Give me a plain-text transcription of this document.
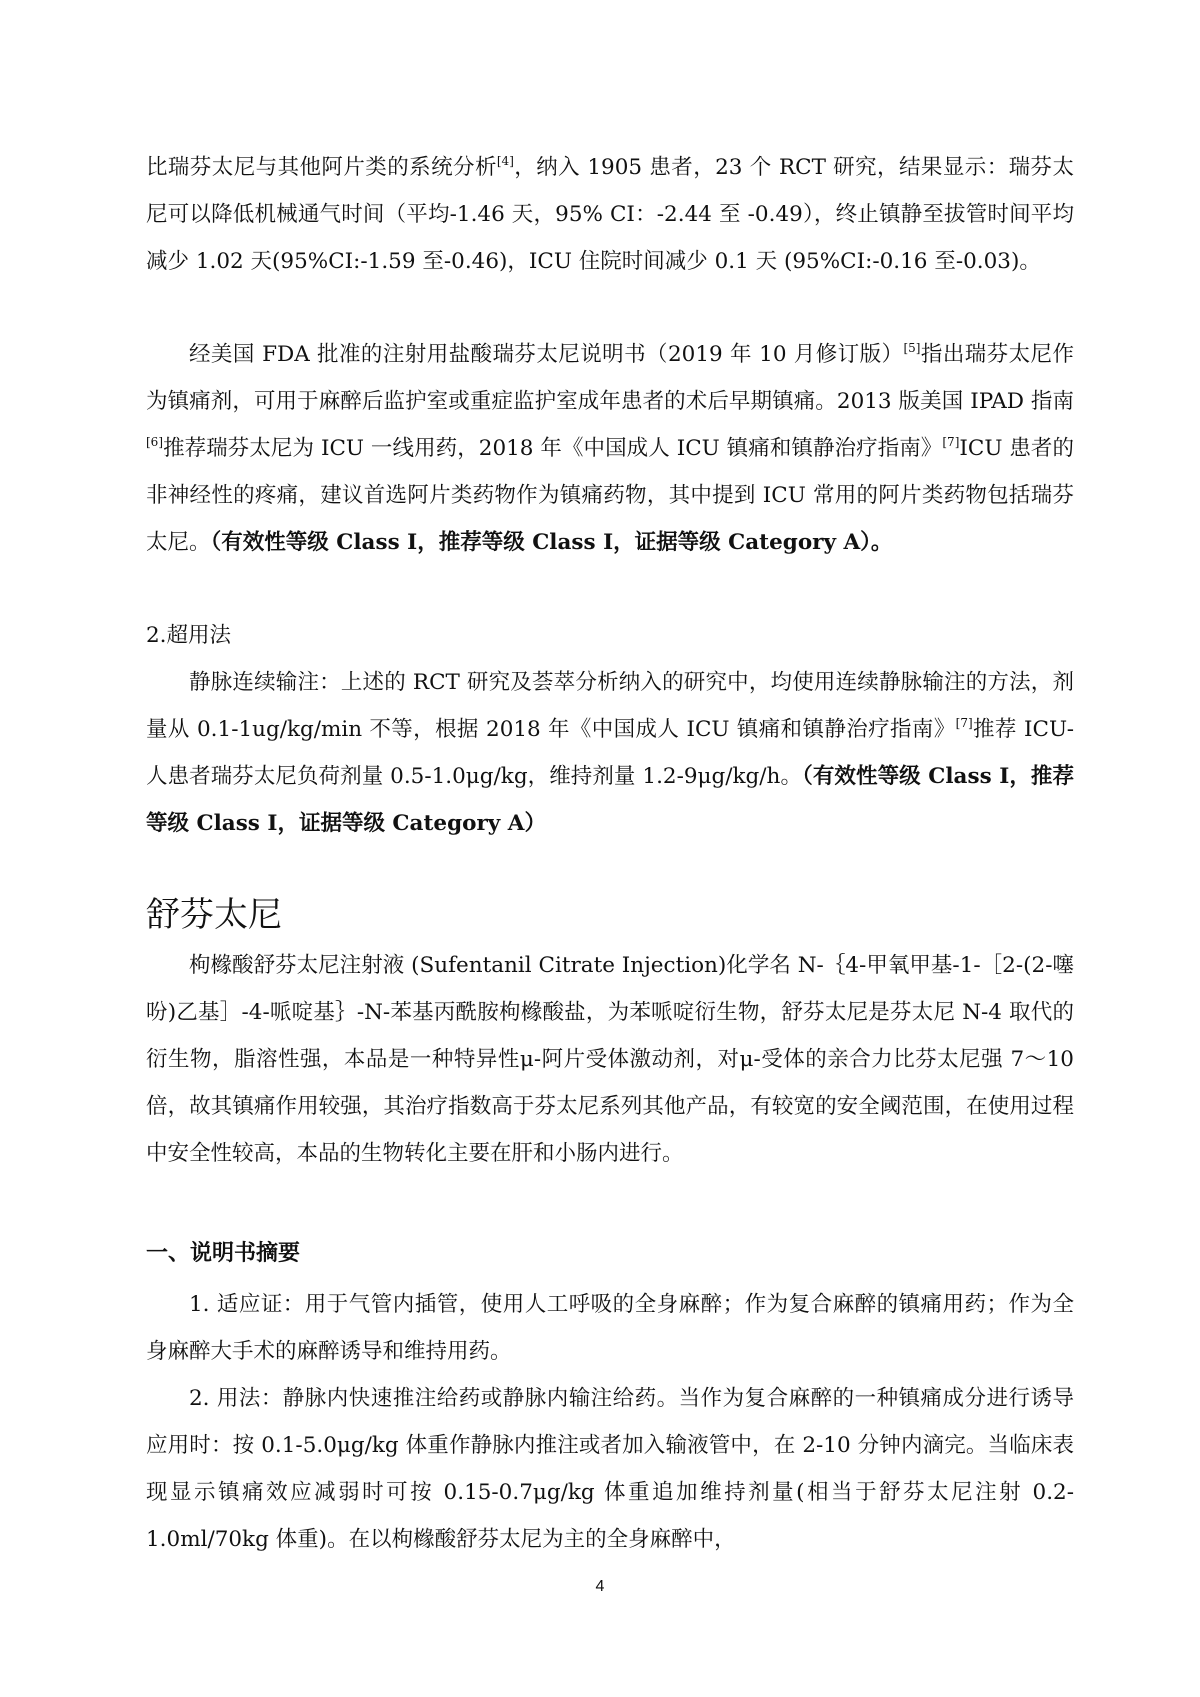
比瑞芬太尼与其他阿片类的系统分析[4]，纳入 1905 患者，23 个 RCT 研究，结果显示：瑞芬太尼可以降低机械通气时间（平均-1.46 天，95% CI：-2.44 至 -0.49），终止镇静至拔管时间平均减少 1.02 天(95%CI:-1.59 至-0.46)，ICU 住院时间减少 0.1 天 (95%CI:-0.16 至-0.03)。

经美国 FDA 批准的注射用盐酸瑞芬太尼说明书（2019 年 10 月修订版）[5]指出瑞芬太尼作为镇痛剂，可用于麻醉后监护室或重症监护室成年患者的术后早期镇痛。2013 版美国 IPAD 指南[6]推荐瑞芬太尼为 ICU 一线用药，2018 年《中国成人 ICU 镇痛和镇静治疗指南》[7]ICU 患者的非神经性的疼痛，建议首选阿片类药物作为镇痛药物，其中提到 ICU 常用的阿片类药物包括瑞芬太尼。（有效性等级 Class I，推荐等级 Class I，证据等级 Category A）。

2.超用法

静脉连续输注：上述的 RCT 研究及荟萃分析纳入的研究中，均使用连续静脉输注的方法，剂量从 0.1-1ug/kg/min 不等，根据 2018 年《中国成人 ICU 镇痛和镇静治疗指南》[7]推荐 ICU-人患者瑞芬太尼负荷剂量 0.5-1.0μg/kg，维持剂量 1.2-9μg/kg/h。（有效性等级 Class I，推荐等级 Class I，证据等级 Category A）

舒芬太尼

枸橼酸舒芬太尼注射液 (Sufentanil Citrate Injection)化学名 N-｛4-甲氧甲基-1-［2-(2-噻吩)乙基］-4-哌啶基｝-N-苯基丙酰胺枸橼酸盐，为苯哌啶衍生物，舒芬太尼是芬太尼 N-4 取代的衍生物，脂溶性强，本品是一种特异性μ-阿片受体激动剂，对μ-受体的亲合力比芬太尼强 7～10 倍，故其镇痛作用较强，其治疗指数高于芬太尼系列其他产品，有较宽的安全阈范围，在使用过程中安全性较高，本品的生物转化主要在肝和小肠内进行。

一、说明书摘要

1. 适应证：用于气管内插管，使用人工呼吸的全身麻醉；作为复合麻醉的镇痛用药；作为全身麻醉大手术的麻醉诱导和维持用药。

2. 用法：静脉内快速推注给药或静脉内输注给药。当作为复合麻醉的一种镇痛成分进行诱导应用时：按 0.1-5.0μg/kg 体重作静脉内推注或者加入输液管中，在 2-10 分钟内滴完。当临床表现显示镇痛效应减弱时可按 0.15-0.7μg/kg 体重追加维持剂量(相当于舒芬太尼注射 0.2-1.0ml/70kg 体重)。在以枸橼酸舒芬太尼为主的全身麻醉中，

4
